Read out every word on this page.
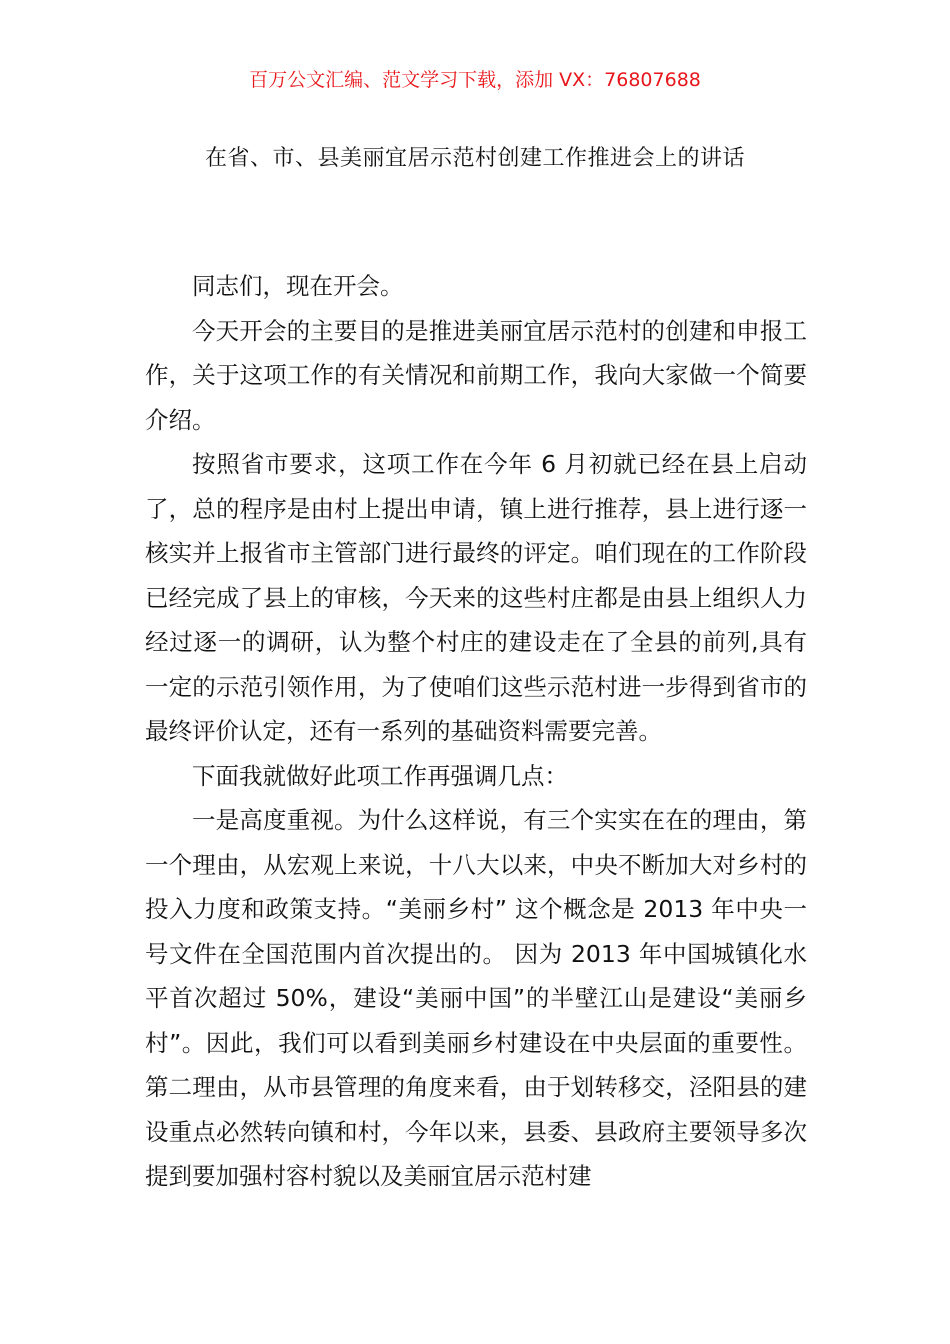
百万公文汇编、范文学习下载，添加 VX：76807688
在省、市、县美丽宜居示范村创建工作推进会上的讲话

同志们，现在开会。

今天开会的主要目的是推进美丽宜居示范村的创建和申报工作，关于这项工作的有关情况和前期工作，我向大家做一个简要介绍。

按照省市要求，这项工作在今年 6 月初就已经在县上启动了，总的程序是由村上提出申请，镇上进行推荐，县上进行逐一核实并上报省市主管部门进行最终的评定。咱们现在的工作阶段已经完成了县上的审核，今天来的这些村庄都是由县上组织人力经过逐一的调研，认为整个村庄的建设走在了全县的前列,具有一定的示范引领作用，为了使咱们这些示范村进一步得到省市的最终评价认定，还有一系列的基础资料需要完善。

下面我就做好此项工作再强调几点：

一是高度重视。为什么这样说，有三个实实在在的理由，第一个理由，从宏观上来说，十八大以来，中央不断加大对乡村的投入力度和政策支持。“美丽乡村” 这个概念是 2013 年中央一号文件在全国范围内首次提出的。 因为 2013 年中国城镇化水平首次超过 50%，建设“美丽中国”的半壁江山是建设“美丽乡村”。因此，我们可以看到美丽乡村建设在中央层面的重要性。第二理由，从市县管理的角度来看，由于划转移交，泾阳县的建设重点必然转向镇和村，今年以来，县委、县政府主要领导多次提到要加强村容村貌以及美丽宜居示范村建
